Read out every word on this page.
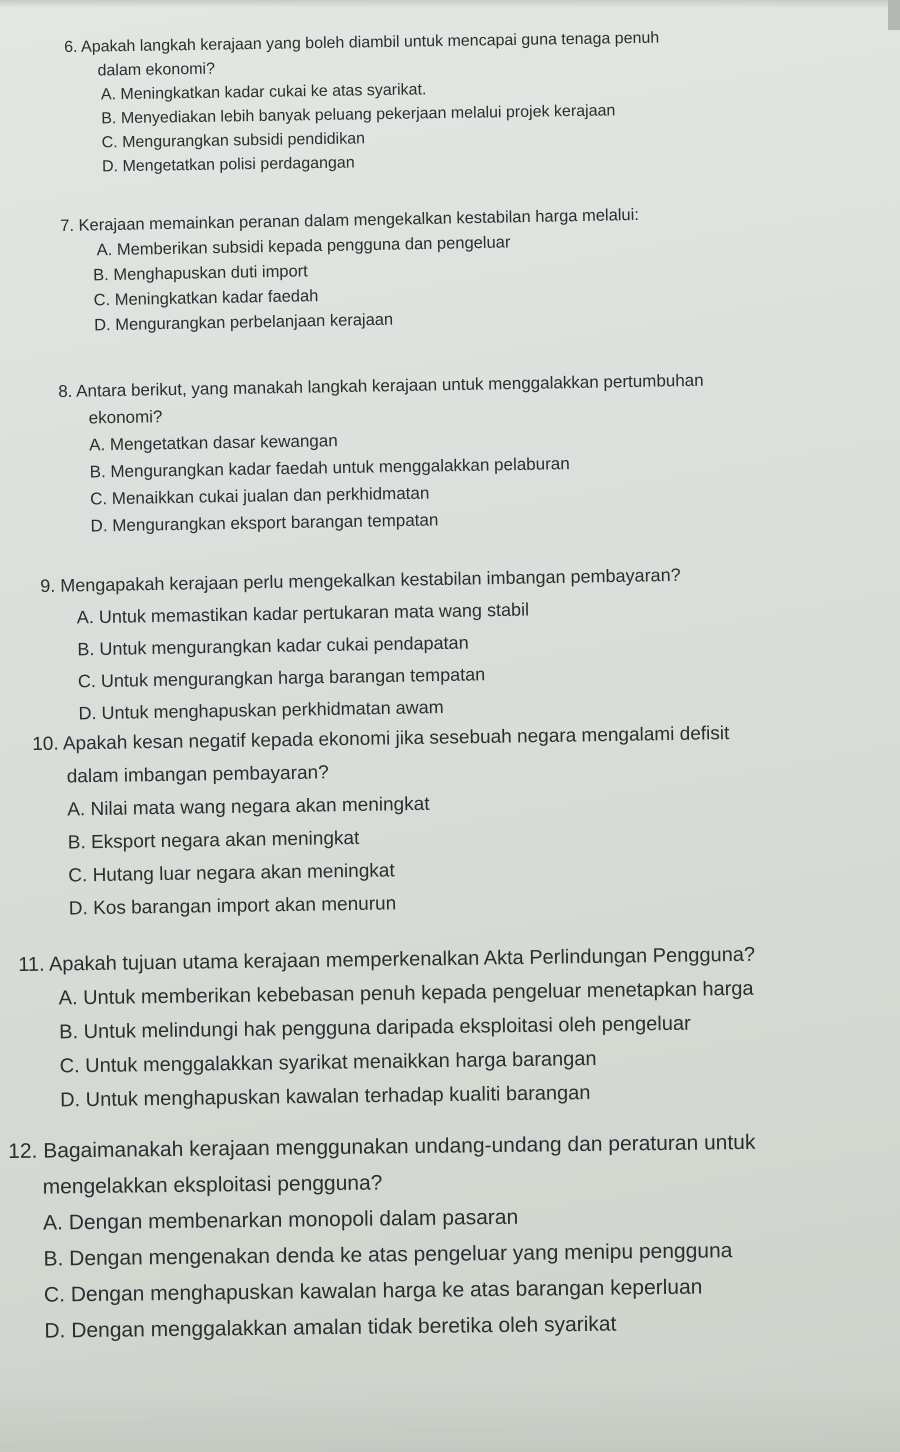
6. Apakah langkah kerajaan yang boleh diambil untuk mencapai guna tenaga penuh
dalam ekonomi?
A. Meningkatkan kadar cukai ke atas syarikat.
B. Menyediakan lebih banyak peluang pekerjaan melalui projek kerajaan
C. Mengurangkan subsidi pendidikan
D. Mengetatkan polisi perdagangan
7. Kerajaan memainkan peranan dalam mengekalkan kestabilan harga melalui:
A. Memberikan subsidi kepada pengguna dan pengeluar
B. Menghapuskan duti import
C. Meningkatkan kadar faedah
D. Mengurangkan perbelanjaan kerajaan
8. Antara berikut, yang manakah langkah kerajaan untuk menggalakkan pertumbuhan
ekonomi?
A. Mengetatkan dasar kewangan
B. Mengurangkan kadar faedah untuk menggalakkan pelaburan
C. Menaikkan cukai jualan dan perkhidmatan
D. Mengurangkan eksport barangan tempatan
9. Mengapakah kerajaan perlu mengekalkan kestabilan imbangan pembayaran?
A. Untuk memastikan kadar pertukaran mata wang stabil
B. Untuk mengurangkan kadar cukai pendapatan
C. Untuk mengurangkan harga barangan tempatan
D. Untuk menghapuskan perkhidmatan awam
10. Apakah kesan negatif kepada ekonomi jika sesebuah negara mengalami defisit
dalam imbangan pembayaran?
A. Nilai mata wang negara akan meningkat
B. Eksport negara akan meningkat
C. Hutang luar negara akan meningkat
D. Kos barangan import akan menurun
11. Apakah tujuan utama kerajaan memperkenalkan Akta Perlindungan Pengguna?
A. Untuk memberikan kebebasan penuh kepada pengeluar menetapkan harga
B. Untuk melindungi hak pengguna daripada eksploitasi oleh pengeluar
C. Untuk menggalakkan syarikat menaikkan harga barangan
D. Untuk menghapuskan kawalan terhadap kualiti barangan
12. Bagaimanakah kerajaan menggunakan undang-undang dan peraturan untuk
mengelakkan eksploitasi pengguna?
A. Dengan membenarkan monopoli dalam pasaran
B. Dengan mengenakan denda ke atas pengeluar yang menipu pengguna
C. Dengan menghapuskan kawalan harga ke atas barangan keperluan
D. Dengan menggalakkan amalan tidak beretika oleh syarikat
